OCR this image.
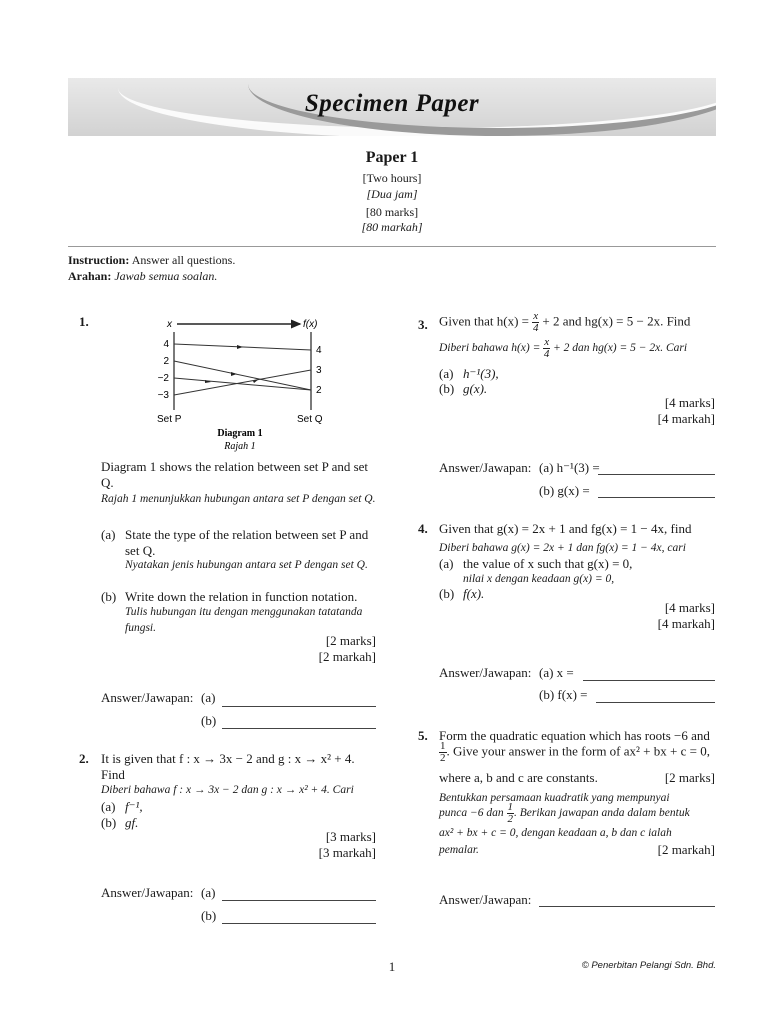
Specimen Paper
Paper 1
[Two hours]
[Dua jam]
[80 marks]
[80 markah]
Instruction: Answer all questions.
Arahan: Jawab semua soalan.
1.	x	f(x)
4
2
−2
−3
4
3
2
Set P	Set Q
Diagram 1
Rajah 1
Diagram 1 shows the relation between set P and set Q.
Rajah 1 menunjukkan hubungan antara set P dengan set Q.
(a) State the type of the relation between set P and set Q.
Nyatakan jenis hubungan antara set P dengan set Q.
(b) Write down the relation in function notation.
Tulis hubungan itu dengan menggunakan tatatanda fungsi.
[2 marks]
[2 markah]
Answer/Jawapan: (a)
(b)
2. It is given that f : x → 3x − 2 and g : x → x² + 4. Find
Diberi bahawa f : x → 3x − 2 dan g : x → x² + 4. Cari
(a) f⁻¹,
(b) gf.
[3 marks]
[3 markah]
Answer/Jawapan: (a)
(b)
3. Given that $h(x) = \frac{x}{4} + 2$ and hg(x) = 5 − 2x. Find
Diberi bahawa $h(x) = \frac{x}{4} + 2$ dan hg(x) = 5 − 2x. Cari
(a) h⁻¹(3),
(b) g(x).
[4 marks]
[4 markah]
Answer/Jawapan: (a) h⁻¹(3) =
(b) g(x) =
4. Given that g(x) = 2x + 1 and fg(x) = 1 − 4x, find
Diberi bahawa g(x) = 2x + 1 dan fg(x) = 1 − 4x, cari
(a) the value of x such that g(x) = 0,
nilai x dengan keadaan g(x) = 0,
(b) f(x).
[4 marks]
[4 markah]
Answer/Jawapan: (a) x =
(b) f(x) =
5. Form the quadratic equation which has roots −6 and
$\frac{1}{2}$ . Give your answer in the form of ax² + bx + c = 0,
where a, b and c are constants.	[2 marks]
Bentukkan persamaan kuadratik yang mempunyai
punca −6 dan $\frac{1}{2}$ . Berikan jawapan anda dalam bentuk
ax² + bx + c = 0, dengan keadaan a, b dan c ialah
pemalar.	[2 markah]
Answer/Jawapan:
1	© Penerbitan Pelangi Sdn. Bhd.
